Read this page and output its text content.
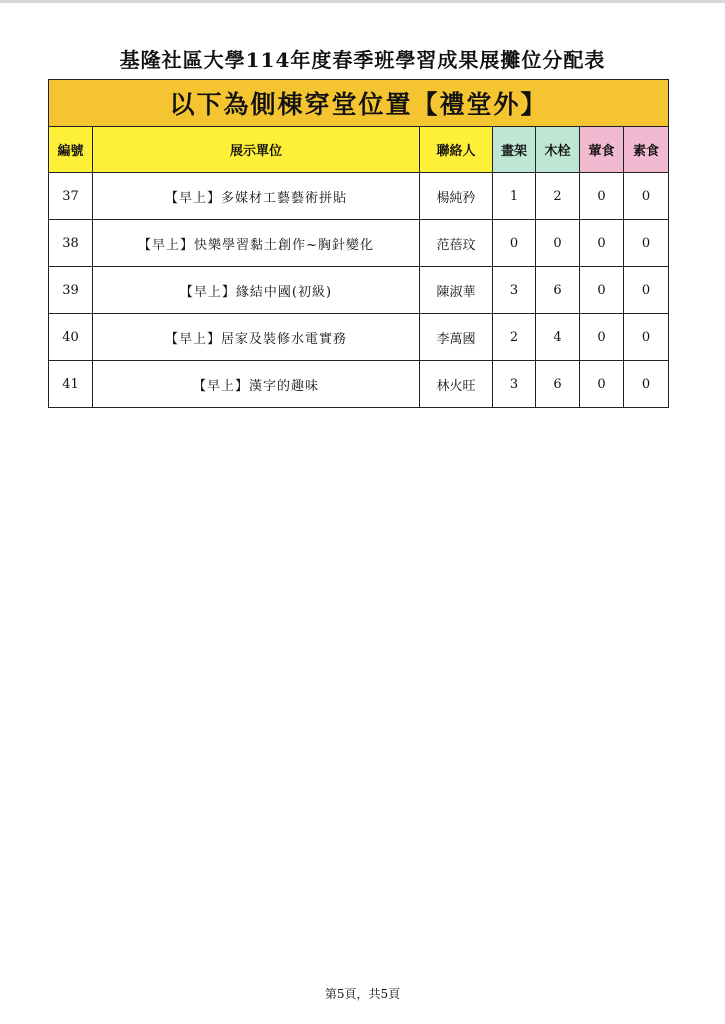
基隆社區大學114年度春季班學習成果展攤位分配表
以下為側棟穿堂位置【禮堂外】						
編號	展示單位	聯絡人	畫架	木栓	葷食	素食
37	【早上】多媒材工藝藝術拼貼	楊純矜	1	2	0	0
38	【早上】快樂學習黏土創作~胸針變化	范蓓玟	0	0	0	0
39	【早上】緣結中國(初級)	陳淑華	3	6	0	0
40	【早上】居家及裝修水電實務	李萬國	2	4	0	0
41	【早上】漢字的趣味	林火旺	3	6	0	0
第5頁，共5頁
